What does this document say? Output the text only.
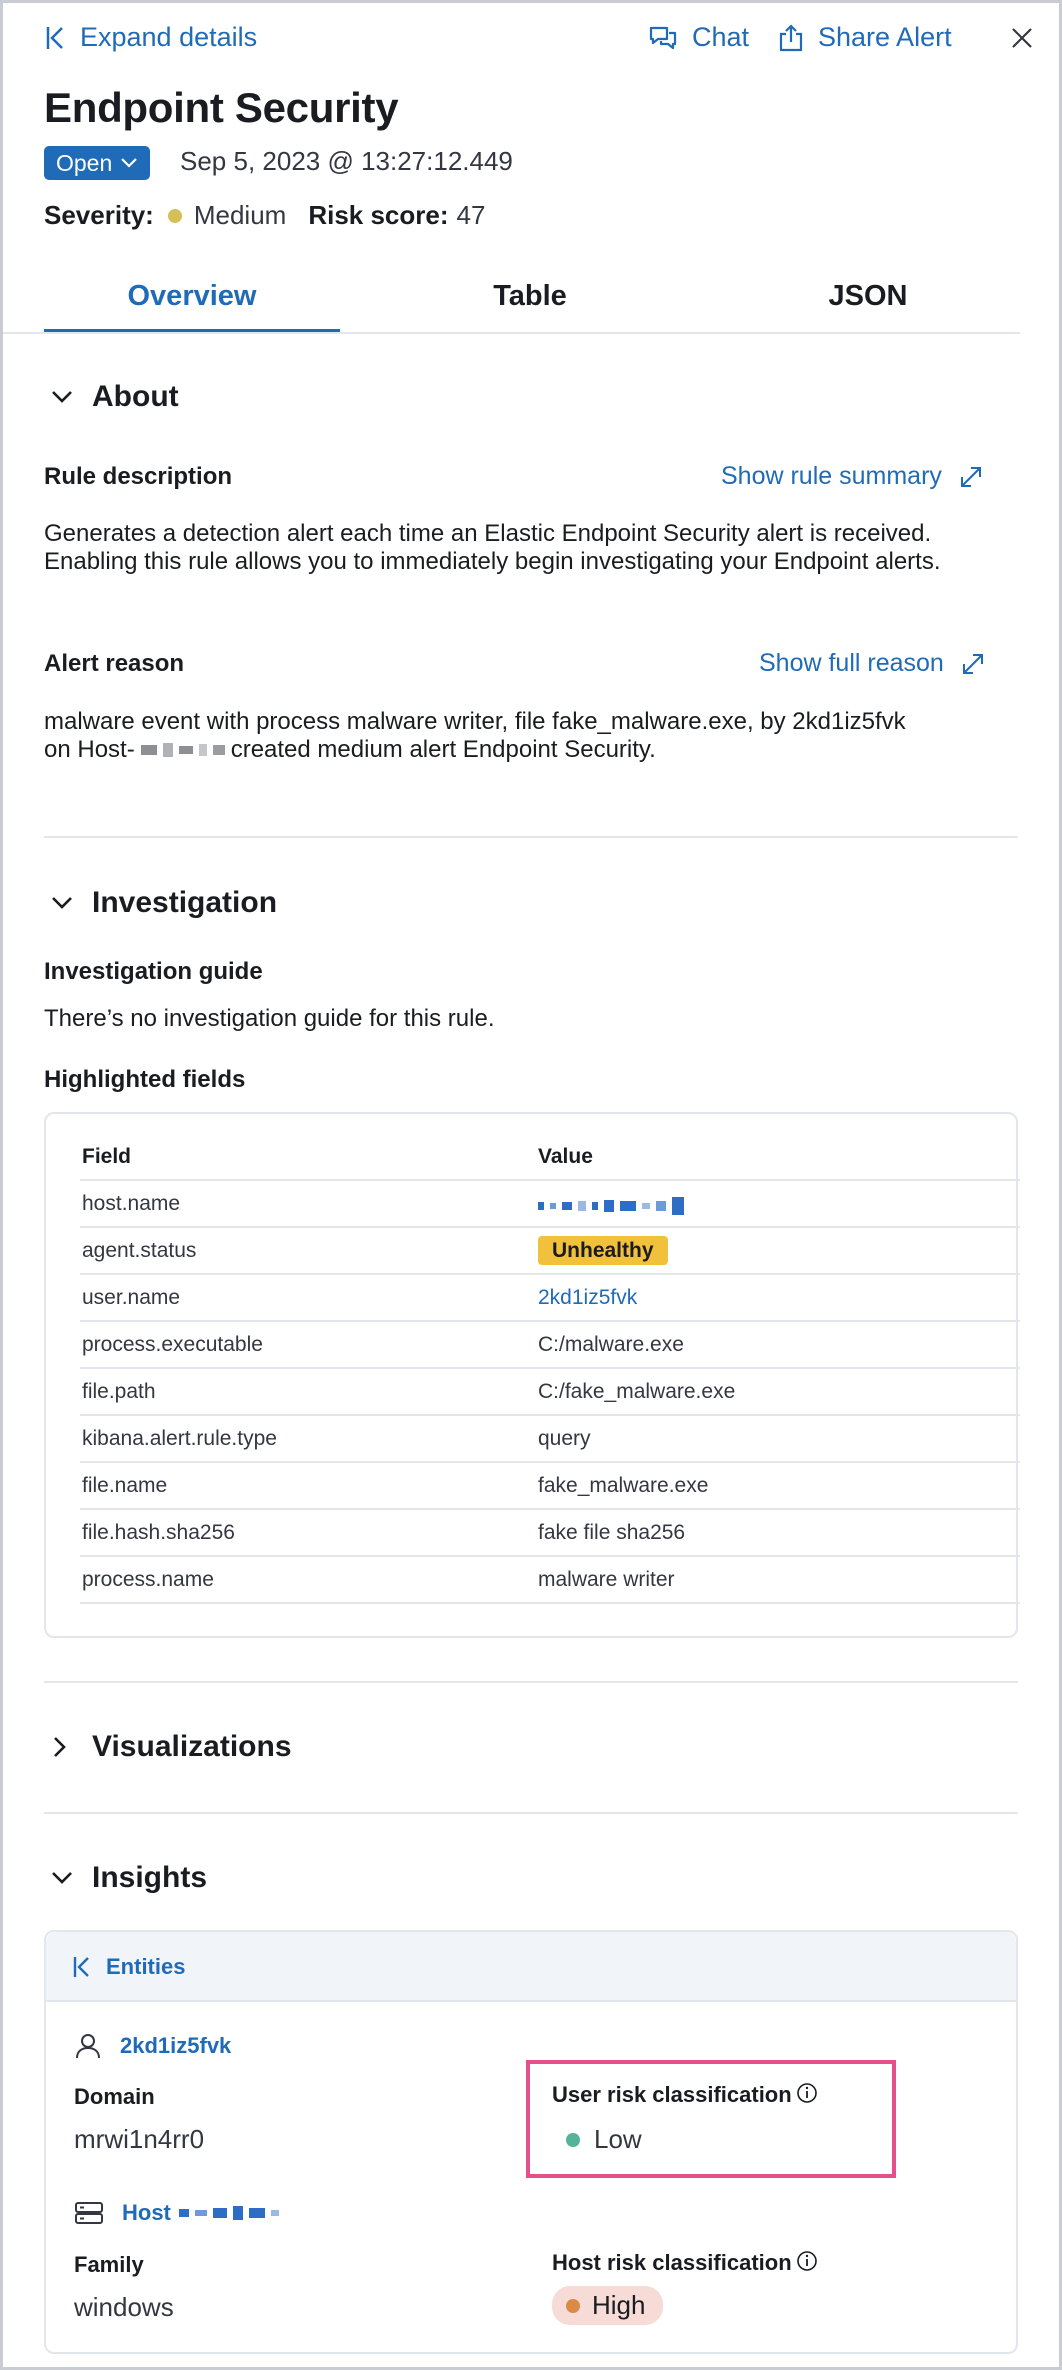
Expand details	Chat	Share Alert
Endpoint Security
Open	Sep 5, 2023 @ 13:27:12.449
Severity: Medium Risk score: 47
Overview	Table	JSON
About
Rule description	Show rule summary
Generates a detection alert each time an Elastic Endpoint Security alert is received. Enabling this rule allows you to immediately begin investigating your Endpoint alerts.
Alert reason	Show full reason
malware event with process malware writer, file fake_malware.exe, by 2kd1iz5fvk
on Host-	created medium alert Endpoint Security.
Investigation
Investigation guide
There’s no investigation guide for this rule.
Highlighted fields
Field	Value
host.name
agent.status	Unhealthy
user.name	2kd1iz5fvk
process.executable	C:/malware.exe
file.path	C:/fake_malware.exe
kibana.alert.rule.type	query
file.name	fake_malware.exe
file.hash.sha256	fake file sha256
process.name	malware writer
Visualizations
Insights
Entities
2kd1iz5fvk
Domain
mrwi1n4rr0
User risk classification
Low
Host
Family
windows
Host risk classification
High
